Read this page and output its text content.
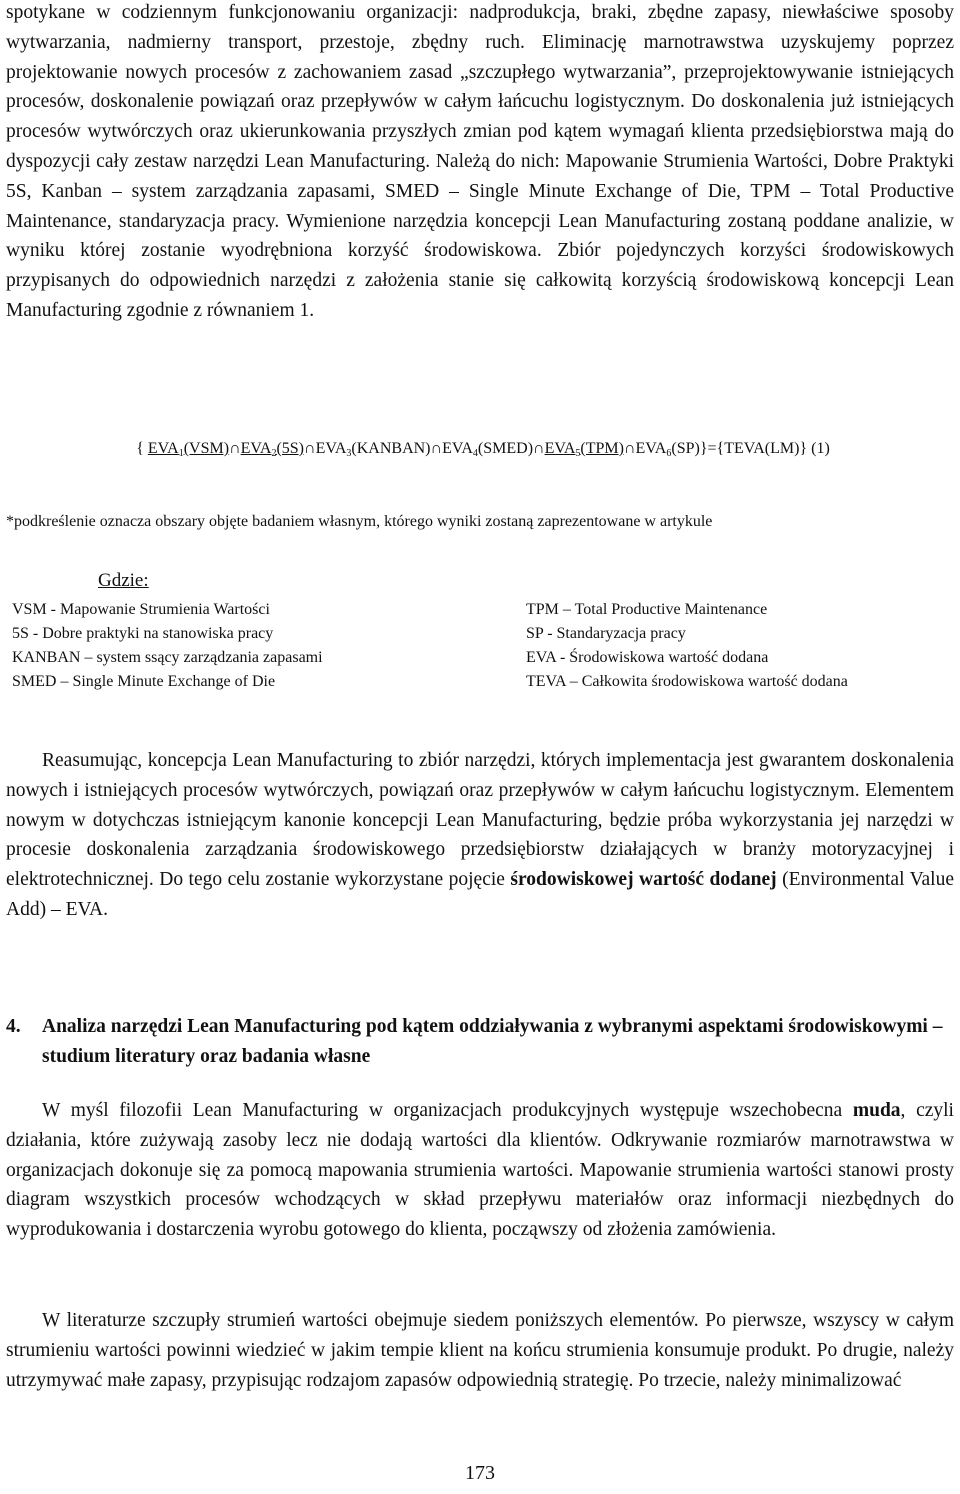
spotykane w codziennym funkcjonowaniu organizacji: nadprodukcja, braki, zbędne zapasy, niewłaściwe sposoby wytwarzania, nadmierny transport, przestoje, zbędny ruch. Eliminację marnotrawstwa uzyskujemy poprzez projektowanie nowych procesów z zachowaniem zasad „szczupłego wytwarzania”, przeprojektowywanie istniejących procesów, doskonalenie powiązań oraz przepływów w całym łańcuchu logistycznym. Do doskonalenia już istniejących procesów wytwórczych oraz ukierunkowania przyszłych zmian pod kątem wymagań klienta przedsiębiorstwa mają do dyspozycji cały zestaw narzędzi Lean Manufacturing. Należą do nich: Mapowanie Strumienia Wartości, Dobre Praktyki 5S, Kanban – system zarządzania zapasami, SMED – Single Minute Exchange of Die, TPM – Total Productive Maintenance, standaryzacja pracy. Wymienione narzędzia koncepcji Lean Manufacturing zostaną poddane analizie, w wyniku której zostanie wyodrębniona korzyść środowiskowa. Zbiór pojedynczych korzyści środowiskowych przypisanych do odpowiednich narzędzi z założenia stanie się całkowitą korzyścią środowiskową koncepcji Lean Manufacturing zgodnie z równaniem 1.

{ $EVA_1(VSM)\cap EVA_2(5S)\cap EVA_3(KANBAN)\cap EVA_4(SMED)\cap EVA_5(TPM)\cap EVA_6(SP)\}=\{TEVA(LM)\}$ (1)
*podkreślenie oznacza obszary objęte badaniem własnym, którego wyniki zostaną zaprezentowane w artykule
Gdzie:
VSM - Mapowanie Strumienia Wartości
5S - Dobre praktyki na stanowiska pracy
KANBAN – system ssący zarządzania zapasami
SMED – Single Minute Exchange of Die
TPM – Total Productive Maintenance
SP - Standaryzacja pracy
EVA - Środowiskowa wartość dodana
TEVA – Całkowita środowiskowa wartość dodana

Reasumując, koncepcja Lean Manufacturing to zbiór narzędzi, których implementacja jest gwarantem doskonalenia nowych i istniejących procesów wytwórczych, powiązań oraz przepływów w całym łańcuchu logistycznym. Elementem nowym w dotychczas istniejącym kanonie koncepcji Lean Manufacturing, będzie próba wykorzystania jej narzędzi w procesie doskonalenia zarządzania środowiskowego przedsiębiorstw działających w branży motoryzacyjnej i elektrotechnicznej. Do tego celu zostanie wykorzystane pojęcie środowiskowej wartość dodanej (Environmental Value Add) – EVA.

4. Analiza narzędzi Lean Manufacturing pod kątem oddziaływania z wybranymi aspektami środowiskowymi – studium literatury oraz badania własne

W myśl filozofii Lean Manufacturing w organizacjach produkcyjnych występuje wszechobecna muda, czyli działania, które zużywają zasoby lecz nie dodają wartości dla klientów. Odkrywanie rozmiarów marnotrawstwa w organizacjach dokonuje się za pomocą mapowania strumienia wartości. Mapowanie strumienia wartości stanowi prosty diagram wszystkich procesów wchodzących w skład przepływu materiałów oraz informacji niezbędnych do wyprodukowania i dostarczenia wyrobu gotowego do klienta, począwszy od złożenia zamówienia.

W literaturze szczupły strumień wartości obejmuje siedem poniższych elementów. Po pierwsze, wszyscy w całym strumieniu wartości powinni wiedzieć w jakim tempie klient na końcu strumienia konsumuje produkt. Po drugie, należy utrzymywać małe zapasy, przypisując rodzajom zapasów odpowiednią strategię. Po trzecie, należy minimalizować

173
